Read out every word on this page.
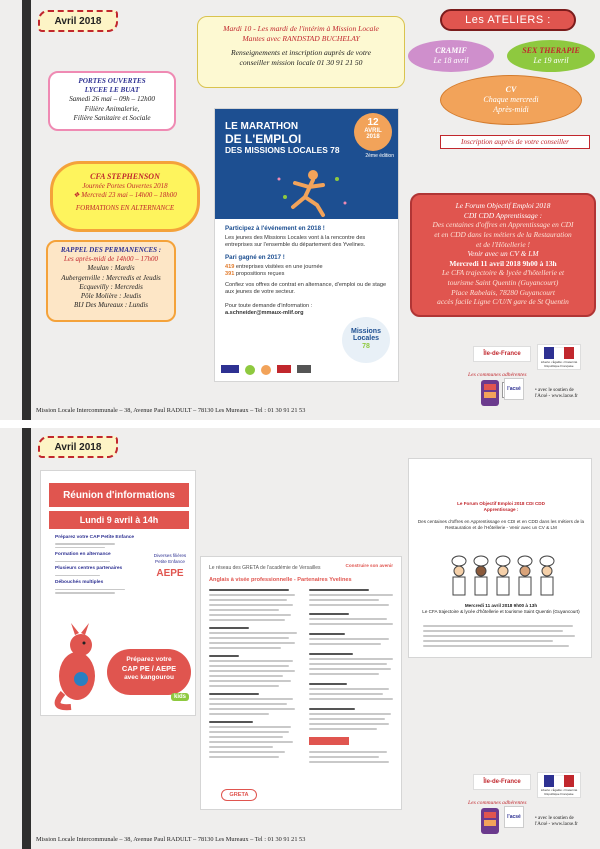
Avril 2018
Mardi 10 - Les mardi de l'intérim à Mission Locale
Mantes avec RANDSTAD BUCHELAY
Renseignements et inscription auprès de votre
conseiller mission locale 01 30 91 21 50
Les ATELIERS :
CRAMIF
Le 18 avril
SEX THERAPIE
Le 19 avril
CV
Chaque mercredi
Après-midi
Inscription auprès de votre conseiller
PORTES OUVERTES
LYCEE LE BUAT
Samedi 26 mai – 09h – 12h00
Filière Animalerie,
Filière Sanitaire et Sociale
CFA STEPHENSON
Journée Portes Ouvertes 2018
❖ Mercredi 23 mai – 14h00 – 18h00
FORMATIONS EN ALTERNANCE
RAPPEL DES PERMANENCES :
Les après-midi de 14h00 – 17h00
Meulan : Mardis
Aubergenville : Mercredis et Jeudis
Ecquevilly : Mercredis
Pôle Molière : Jeudis
BIJ Des Mureaux : Lundis
LE MARATHON
DE L'EMPLOI
DES MISSIONS LOCALES 78
12
AVRIL
2018
2ème édition
Participez à l'événement en 2018 !
Les jeunes des Missions Locales vont à la rencontre des entreprises sur l'ensemble du département des Yvelines.
Pari gagné en 2017 !
419 entreprises visitées en une journée
391 propositions reçues
Confiez vos offres de contrat en alternance, d'emploi ou de stage aux jeunes de votre secteur.
Pour toute demande d'information :
a.schneider@mmaux-mlif.org
Missions
Locales
78
Le Forum Objectif Emploi 2018
CDI CDD Apprentissage :
Des centaines d'offres en Apprentissage en CDI
et en CDD dans les métiers de la Restauration
et de l'Hôtellerie !
Venir avec un CV & LM
Mercredi 11 avril 2018 9h00 à 13h
Le CFA trajectoire & lycée d'hôtellerie et
tourisme Saint Quentin (Guyancourt)
Place Rabelais, 78280 Guyancourt
accès facile Ligne C/U/N gare de St Quentin
Île-de-France
Liberté • Égalité • Fraternité
République Française
Les communes adhérentes
l'acsé	• avec le soutien de
l'Acsé - www.lacse.fr
Mission Locale Intercommunale – 38, Avenue Paul RADULT – 78130 Les Mureaux – Tel : 01 30 91 21 53
Avril 2018
Réunion d'informations
Lundi 9 avril à 14h
Préparez votre CAP Petite Enfance
Formation en alternance
Plusieurs centres partenaires
Débouchés multiples
Diverses filières
Petite Enfance
AEPE
Préparez votre
CAP PE / AEPE
avec kangourou
kids
Le réseau des GRETA de l'académie de Versailles	Construire son avenir
Anglais à visée professionnelle - Partenaires Yvelines
GRETA
Le Forum Objectif Emploi 2018 CDI CDD
Apprentissage :
Des centaines d'offres en Apprentissage en CDI et en CDD dans les métiers de la Restauration et de l'Hôtellerie - Venir avec un CV & LM
Mercredi 11 avril 2018 9h00 à 13h
Le CFA trajectoire & lycée d'hôtellerie et tourisme Saint Quentin (Guyancourt)
Île-de-France
Liberté • Égalité • Fraternité
République Française
Les communes adhérentes
l'acsé	• avec le soutien de
l'Acsé - www.lacse.fr
Mission Locale Intercommunale – 38, Avenue Paul RADULT – 78130 Les Mureaux – Tel : 01 30 91 21 53
